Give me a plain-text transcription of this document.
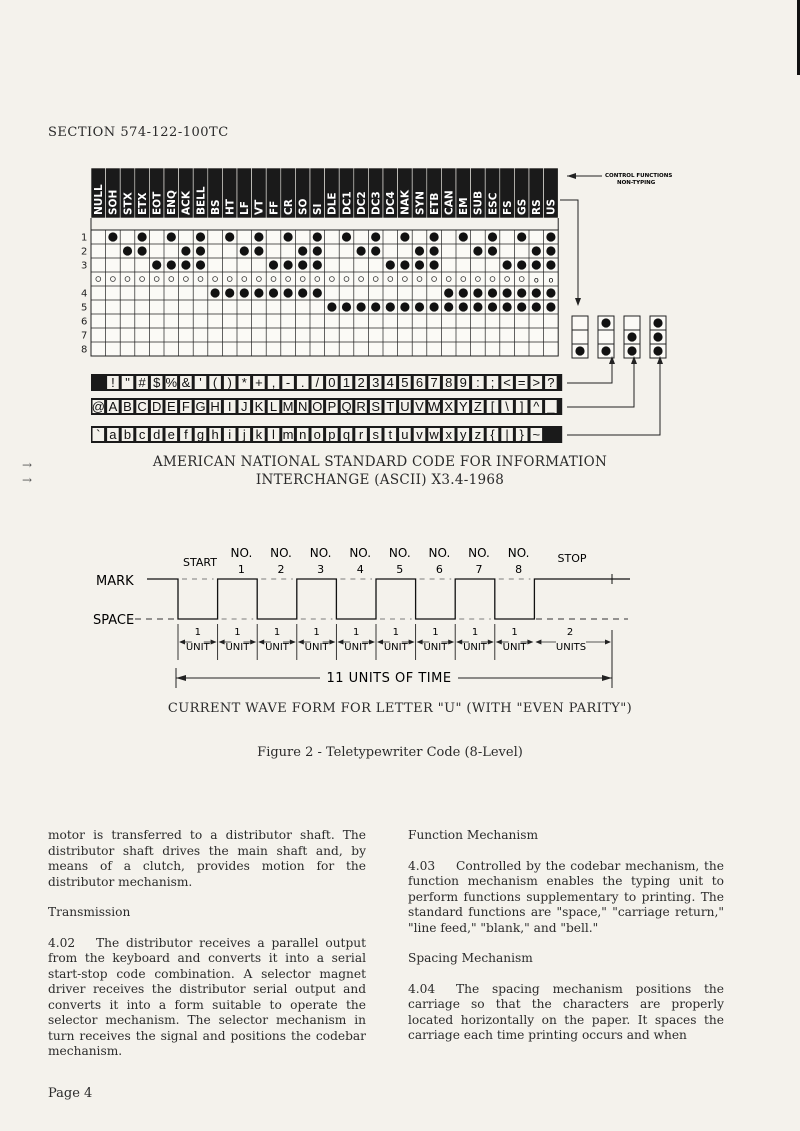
SECTION 574-122-100TC
NULL SOH STX ETX EOT ENQ ACK BELL BS HT LF VT FF CR SO SI DLE DC1 DC2 DC3 DC4 NAK SYN ETB CAN EM SUB ESC FS GS RS US
o o
1
2
3
4
5
6
7
8
! " # $ % & ' ( ) * + , - . / 0 1 2 3 4 5 6 7 8 9 : ; < = > ?
@ A B C D E F G H I J K L M N O P Q R S T U V W X Y Z [ \ ] ^ _
` a b c d e f g h i j k l m n o p q r s t u v w x y z { | } ~
CONTROL FUNCTIONS
NON-TYPING
→
→
AMERICAN NATIONAL STANDARD CODE FOR INFORMATION
INTERCHANGE (ASCII) X3.4-1968
START
NO.
1
NO.
2
NO.
3
NO.
4
NO.
5
NO.
6
NO.
7
NO.
8
STOP
MARK
SPACE
1
UNIT
1
UNIT
1
UNIT
1
UNIT
1
UNIT
1
UNIT
1
UNIT
1
UNIT
1
UNIT
2
UNITS
11 UNITS OF TIME
CURRENT WAVE FORM FOR LETTER "U" (WITH "EVEN PARITY")
Figure 2 - Teletypewriter Code (8-Level)

motor is transferred to a distributor shaft. The distributor shaft drives the main shaft and, by means of a clutch, provides motion for the distributor mechanism.

Transmission

4.02 The distributor receives a parallel output from the keyboard and converts it into a serial start-stop code combination. A selector magnet driver receives the distributor serial output and converts it into a form suitable to operate the selector mechanism. The selector mechanism in turn receives the signal and positions the codebar mechanism.

Function Mechanism

4.03 Controlled by the codebar mechanism, the function mechanism enables the typing unit to perform functions supplementary to printing. The standard functions are "space," "carriage return," "line feed," "blank," and "bell."

Spacing Mechanism

4.04 The spacing mechanism positions the carriage so that the characters are properly located horizontally on the paper. It spaces the carriage each time printing occurs and when

Page 4
